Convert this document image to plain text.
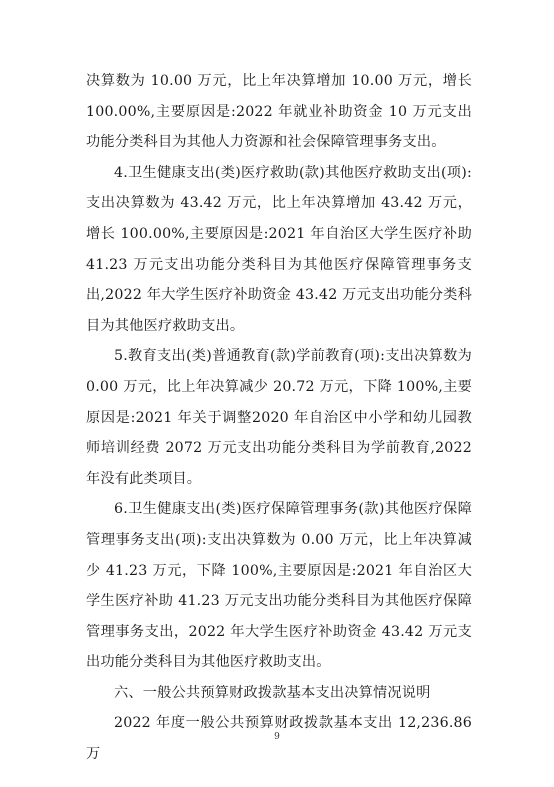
决算数为 10.00 万元，比上年决算增加 10.00 万元，增长 100.00%,主要原因是:2022 年就业补助资金 10 万元支出功能分类科目为其他人力资源和社会保障管理事务支出。

4.卫生健康支出(类)医疗救助(款)其他医疗救助支出(项):支出决算数为 43.42 万元，比上年决算增加 43.42 万元，增长 100.00%,主要原因是:2021 年自治区大学生医疗补助 41.23 万元支出功能分类科目为其他医疗保障管理事务支出,2022 年大学生医疗补助资金 43.42 万元支出功能分类科目为其他医疗救助支出。

5.教育支出(类)普通教育(款)学前教育(项):支出决算数为 0.00 万元，比上年决算减少 20.72 万元，下降 100%,主要原因是:2021 年关于调整2020 年自治区中小学和幼儿园教师培训经费 2072 万元支出功能分类科目为学前教育,2022 年没有此类项目。

6.卫生健康支出(类)医疗保障管理事务(款)其他医疗保障管理事务支出(项):支出决算数为 0.00 万元，比上年决算减少 41.23 万元，下降 100%,主要原因是:2021 年自治区大学生医疗补助 41.23 万元支出功能分类科目为其他医疗保障管理事务支出，2022 年大学生医疗补助资金 43.42 万元支出功能分类科目为其他医疗救助支出。

六、一般公共预算财政拨款基本支出决算情况说明

2022 年度一般公共预算财政拨款基本支出 12,236.86 万

9
